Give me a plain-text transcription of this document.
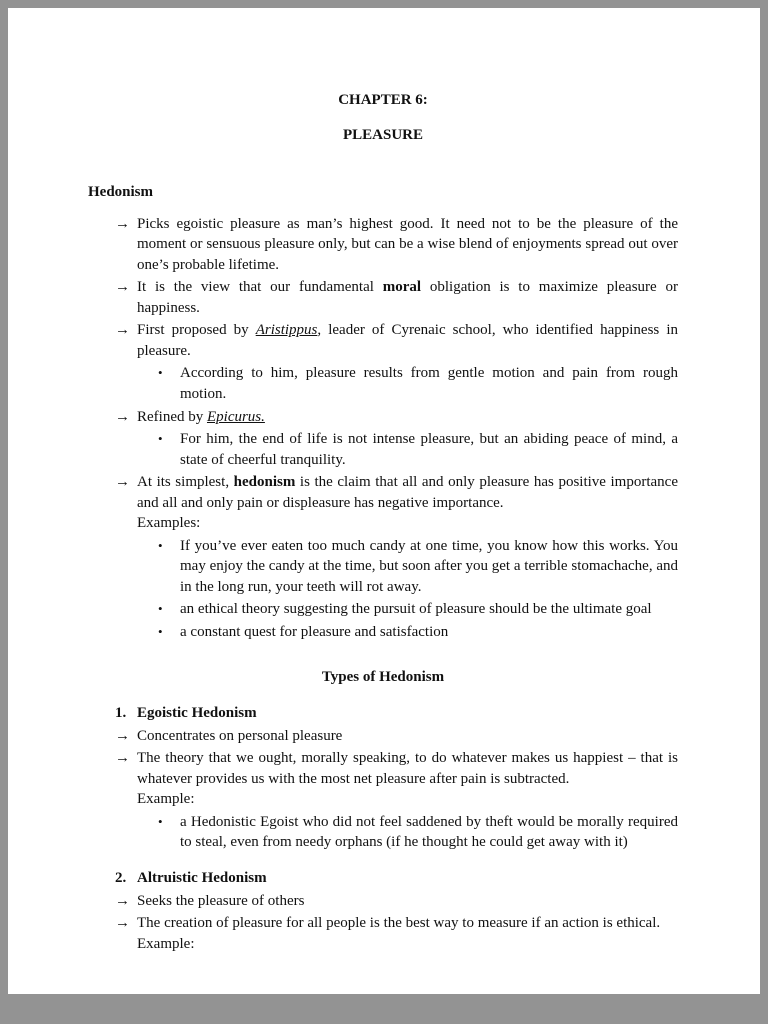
CHAPTER 6:
PLEASURE
Hedonism
→ Picks egoistic pleasure as man’s highest good. It need not to be the pleasure of the moment or sensuous pleasure only, but can be a wise blend of enjoyments spread out over one’s probable lifetime.
→ It is the view that our fundamental moral obligation is to maximize pleasure or happiness.
→ First proposed by Aristippus, leader of Cyrenaic school, who identified happiness in pleasure.
•	According to him, pleasure results from gentle motion and pain from rough motion.
→ Refined by Epicurus.
•	For him, the end of life is not intense pleasure, but an abiding peace of mind, a state of cheerful tranquility.
→ At its simplest, hedonism is the claim that all and only pleasure has positive importance and all and only pain or displeasure has negative importance.
Examples:
•	If you’ve ever eaten too much candy at one time, you know how this works. You may enjoy the candy at the time, but soon after you get a terrible stomachache, and in the long run, your teeth will rot away.
•	an ethical theory suggesting the pursuit of pleasure should be the ultimate goal
•	a constant quest for pleasure and satisfaction
Types of Hedonism
1. Egoistic Hedonism
→ Concentrates on personal pleasure
→ The theory that we ought, morally speaking, to do whatever makes us happiest – that is whatever provides us with the most net pleasure after pain is subtracted.
Example:
•	a Hedonistic Egoist who did not feel saddened by theft would be morally required to steal, even from needy orphans (if he thought he could get away with it)
2. Altruistic Hedonism
→ Seeks the pleasure of others
→ The creation of pleasure for all people is the best way to measure if an action is ethical.
Example:
